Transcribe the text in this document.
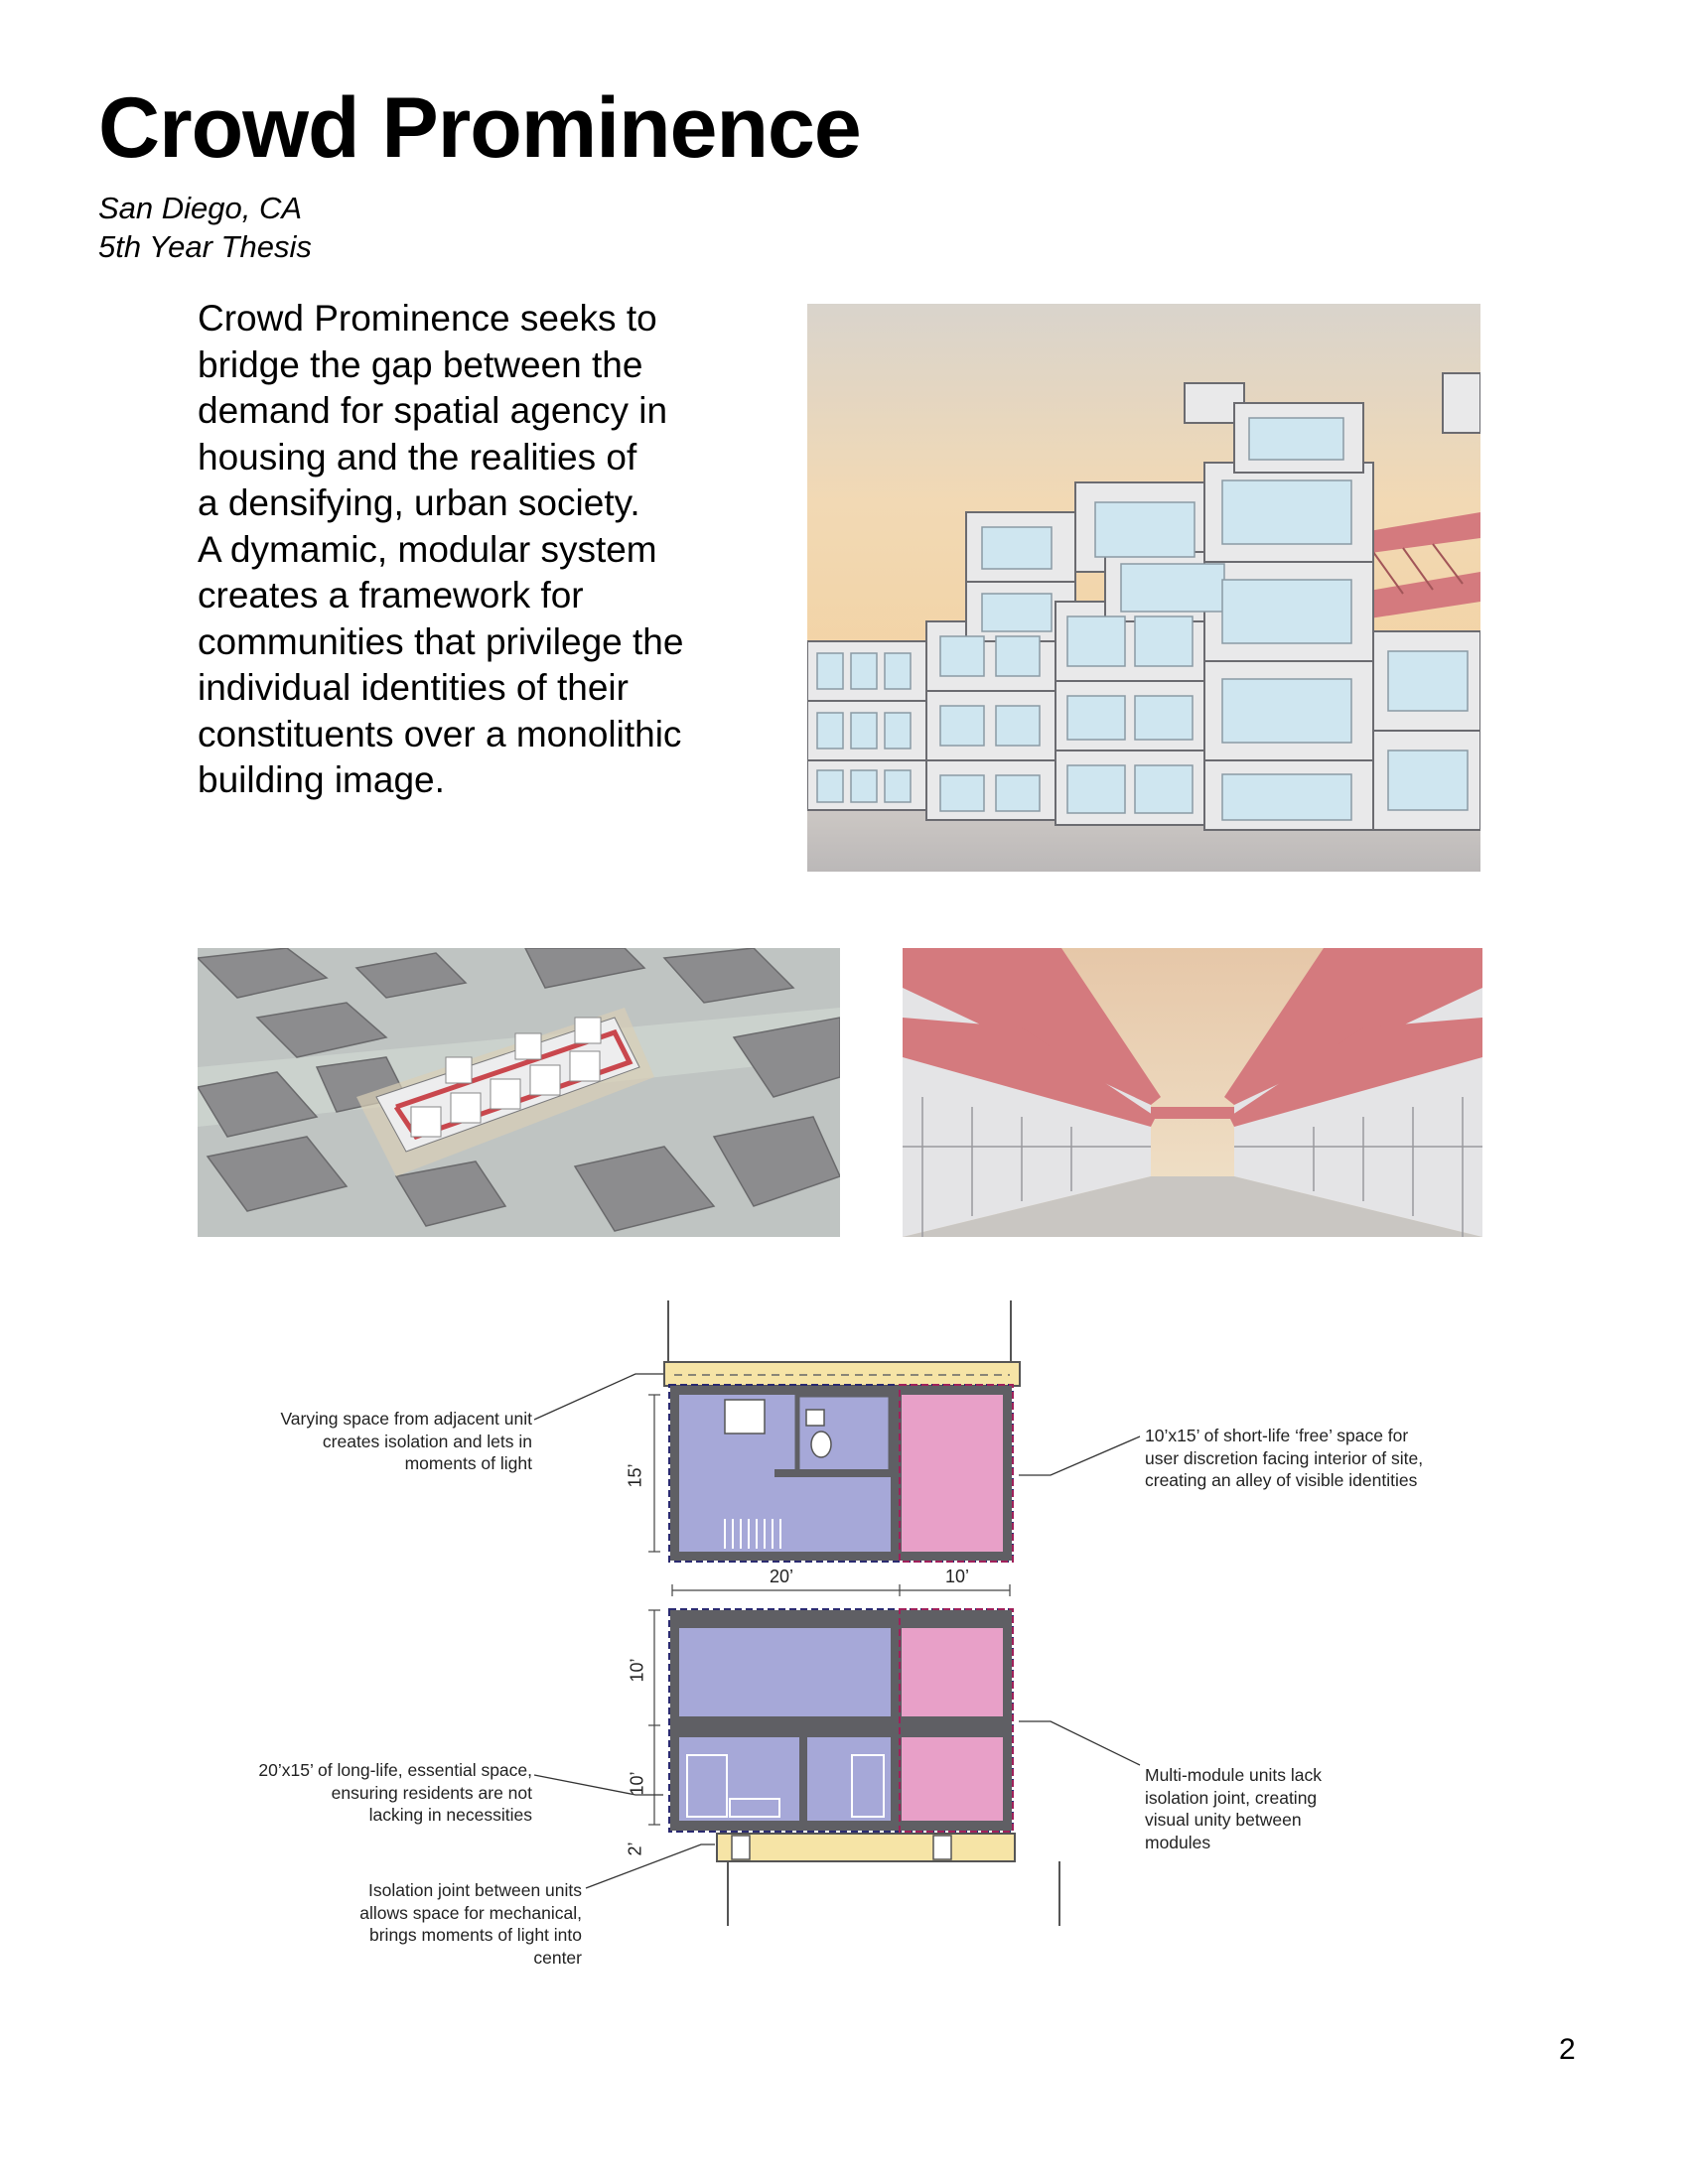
Crowd Prominence
San Diego, CA
5th Year Thesis
Crowd Prominence seeks to
bridge the gap between the
demand for spatial agency in
housing and the realities of
a densifying, urban society.
A dymamic, modular system
creates a framework for
communities that privilege the
individual identities of their
constituents over a monolithic
building image.
15’
20’	10’
10’
10’
2’
Varying space from adjacent unit
creates isolation and lets in
moments of light
10’x15’ of short-life ‘free’ space for
user discretion facing interior of site,
creating an alley of visible identities
20’x15’ of long-life, essential space,
ensuring residents are not
lacking in necessities
Multi-module units lack
isolation joint, creating
visual unity between
modules
Isolation joint between units
allows space for mechanical,
brings moments of light into
center
2
